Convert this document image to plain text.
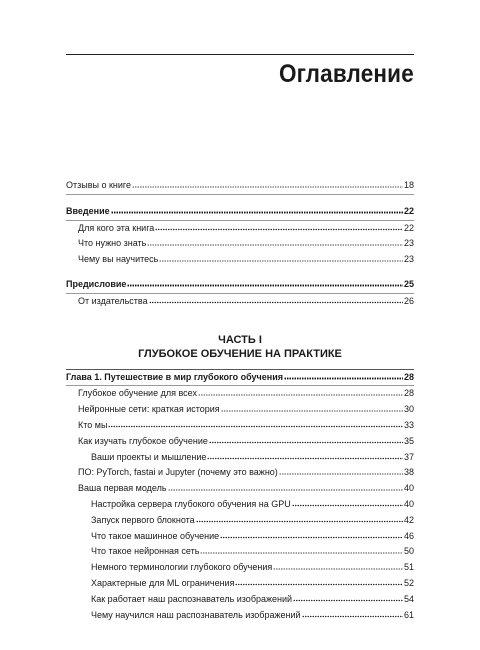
Оглавление
Отзывы о книге	18
Введение	22
Для кого эта книга	22
Что нужно знать	23
Чему вы научитесь	23
Предисловие	25
От издательства	26
ЧАСТЬ I
ГЛУБОКОЕ ОБУЧЕНИЕ НА ПРАКТИКЕ
Глава 1. Путешествие в мир глубокого обучения	28
Глубокое обучение для всех	28
Нейронные сети: краткая история	30
Кто мы	33
Как изучать глубокое обучение	35
Ваши проекты и мышление	37
ПО: PyTorch, fastai и Jupyter (почему это важно)	38
Ваша первая модель	40
Настройка сервера глубокого обучения на GPU	40
Запуск первого блокнота	42
Что такое машинное обучение	46
Что такое нейронная сеть	50
Немного терминологии глубокого обучения	51
Характерные для ML ограничения	52
Как работает наш распознаватель изображений	54
Чему научился наш распознаватель изображений	61
